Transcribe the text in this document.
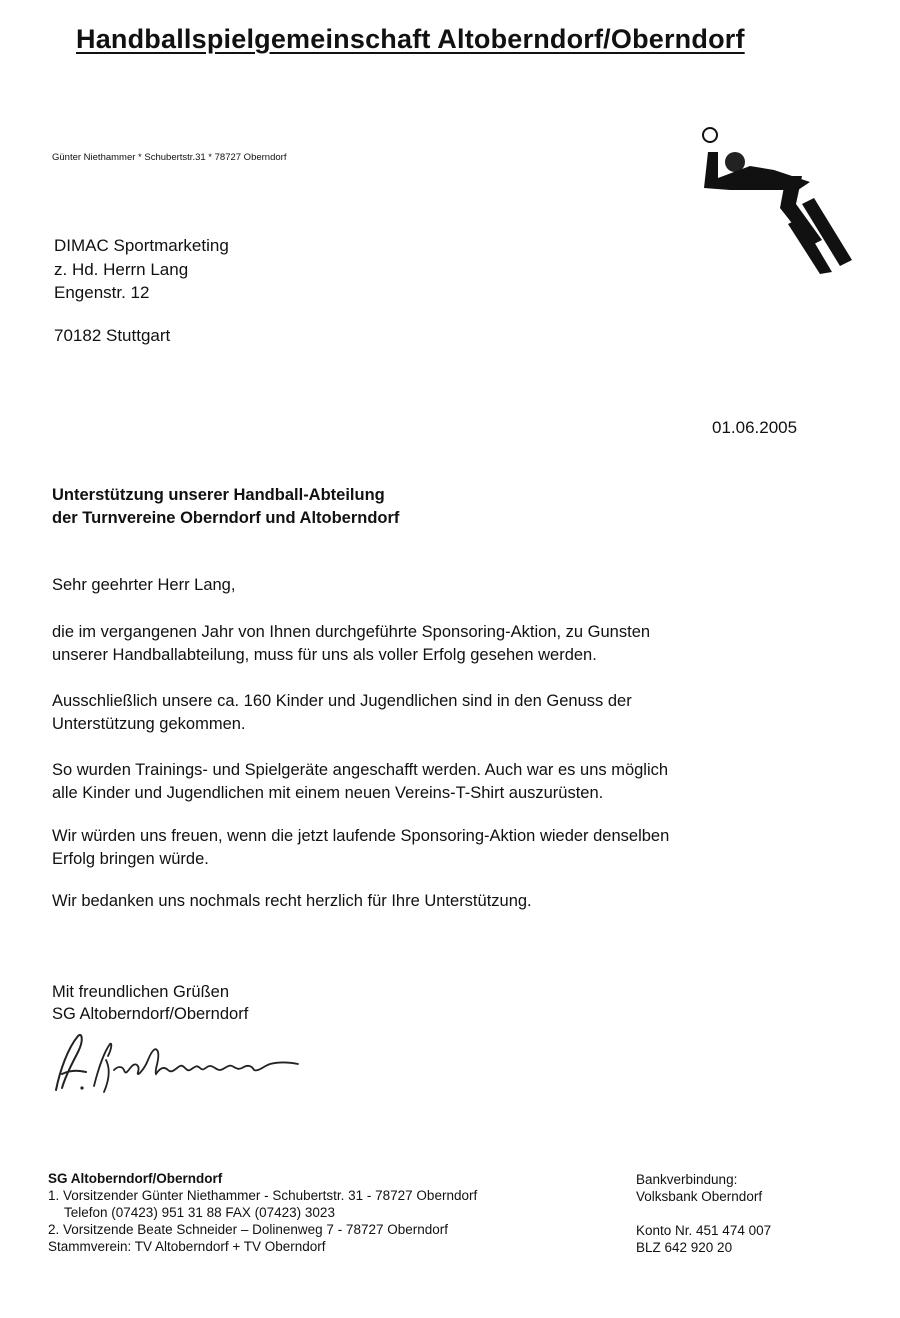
Handballspielgemeinschaft Altoberndorf/Oberndorf
Günter Niethammer * Schubertstr.31 * 78727 Oberndorf
DIMAC Sportmarketing
z. Hd. Herrn Lang
Engenstr. 12
70182 Stuttgart
01.06.2005
Unterstützung unserer Handball-Abteilung
der Turnvereine Oberndorf und Altoberndorf
Sehr geehrter Herr Lang,
die im vergangenen Jahr von Ihnen durchgeführte Sponsoring-Aktion, zu Gunsten
unserer Handballabteilung, muss für uns als voller Erfolg gesehen werden.
Ausschließlich unsere ca. 160 Kinder und Jugendlichen sind in den Genuss der
Unterstützung gekommen.
So wurden Trainings- und Spielgeräte angeschafft werden. Auch war es uns möglich
alle Kinder und Jugendlichen mit einem neuen Vereins-T-Shirt auszurüsten.
Wir würden uns freuen, wenn die jetzt laufende Sponsoring-Aktion wieder denselben
Erfolg bringen würde.
Wir bedanken uns nochmals recht herzlich für Ihre Unterstützung.
Mit freundlichen Grüßen
SG Altoberndorf/Oberndorf
SG Altoberndorf/Oberndorf
1. Vorsitzender Günter Niethammer - Schubertstr. 31 - 78727 Oberndorf
Telefon (07423) 951 31 88 FAX (07423) 3023
2. Vorsitzende Beate Schneider – Dolinenweg 7 - 78727 Oberndorf
Stammverein: TV Altoberndorf + TV Oberndorf
Bankverbindung:
Volksbank Oberndorf
Konto Nr. 451 474 007
BLZ 642 920 20
